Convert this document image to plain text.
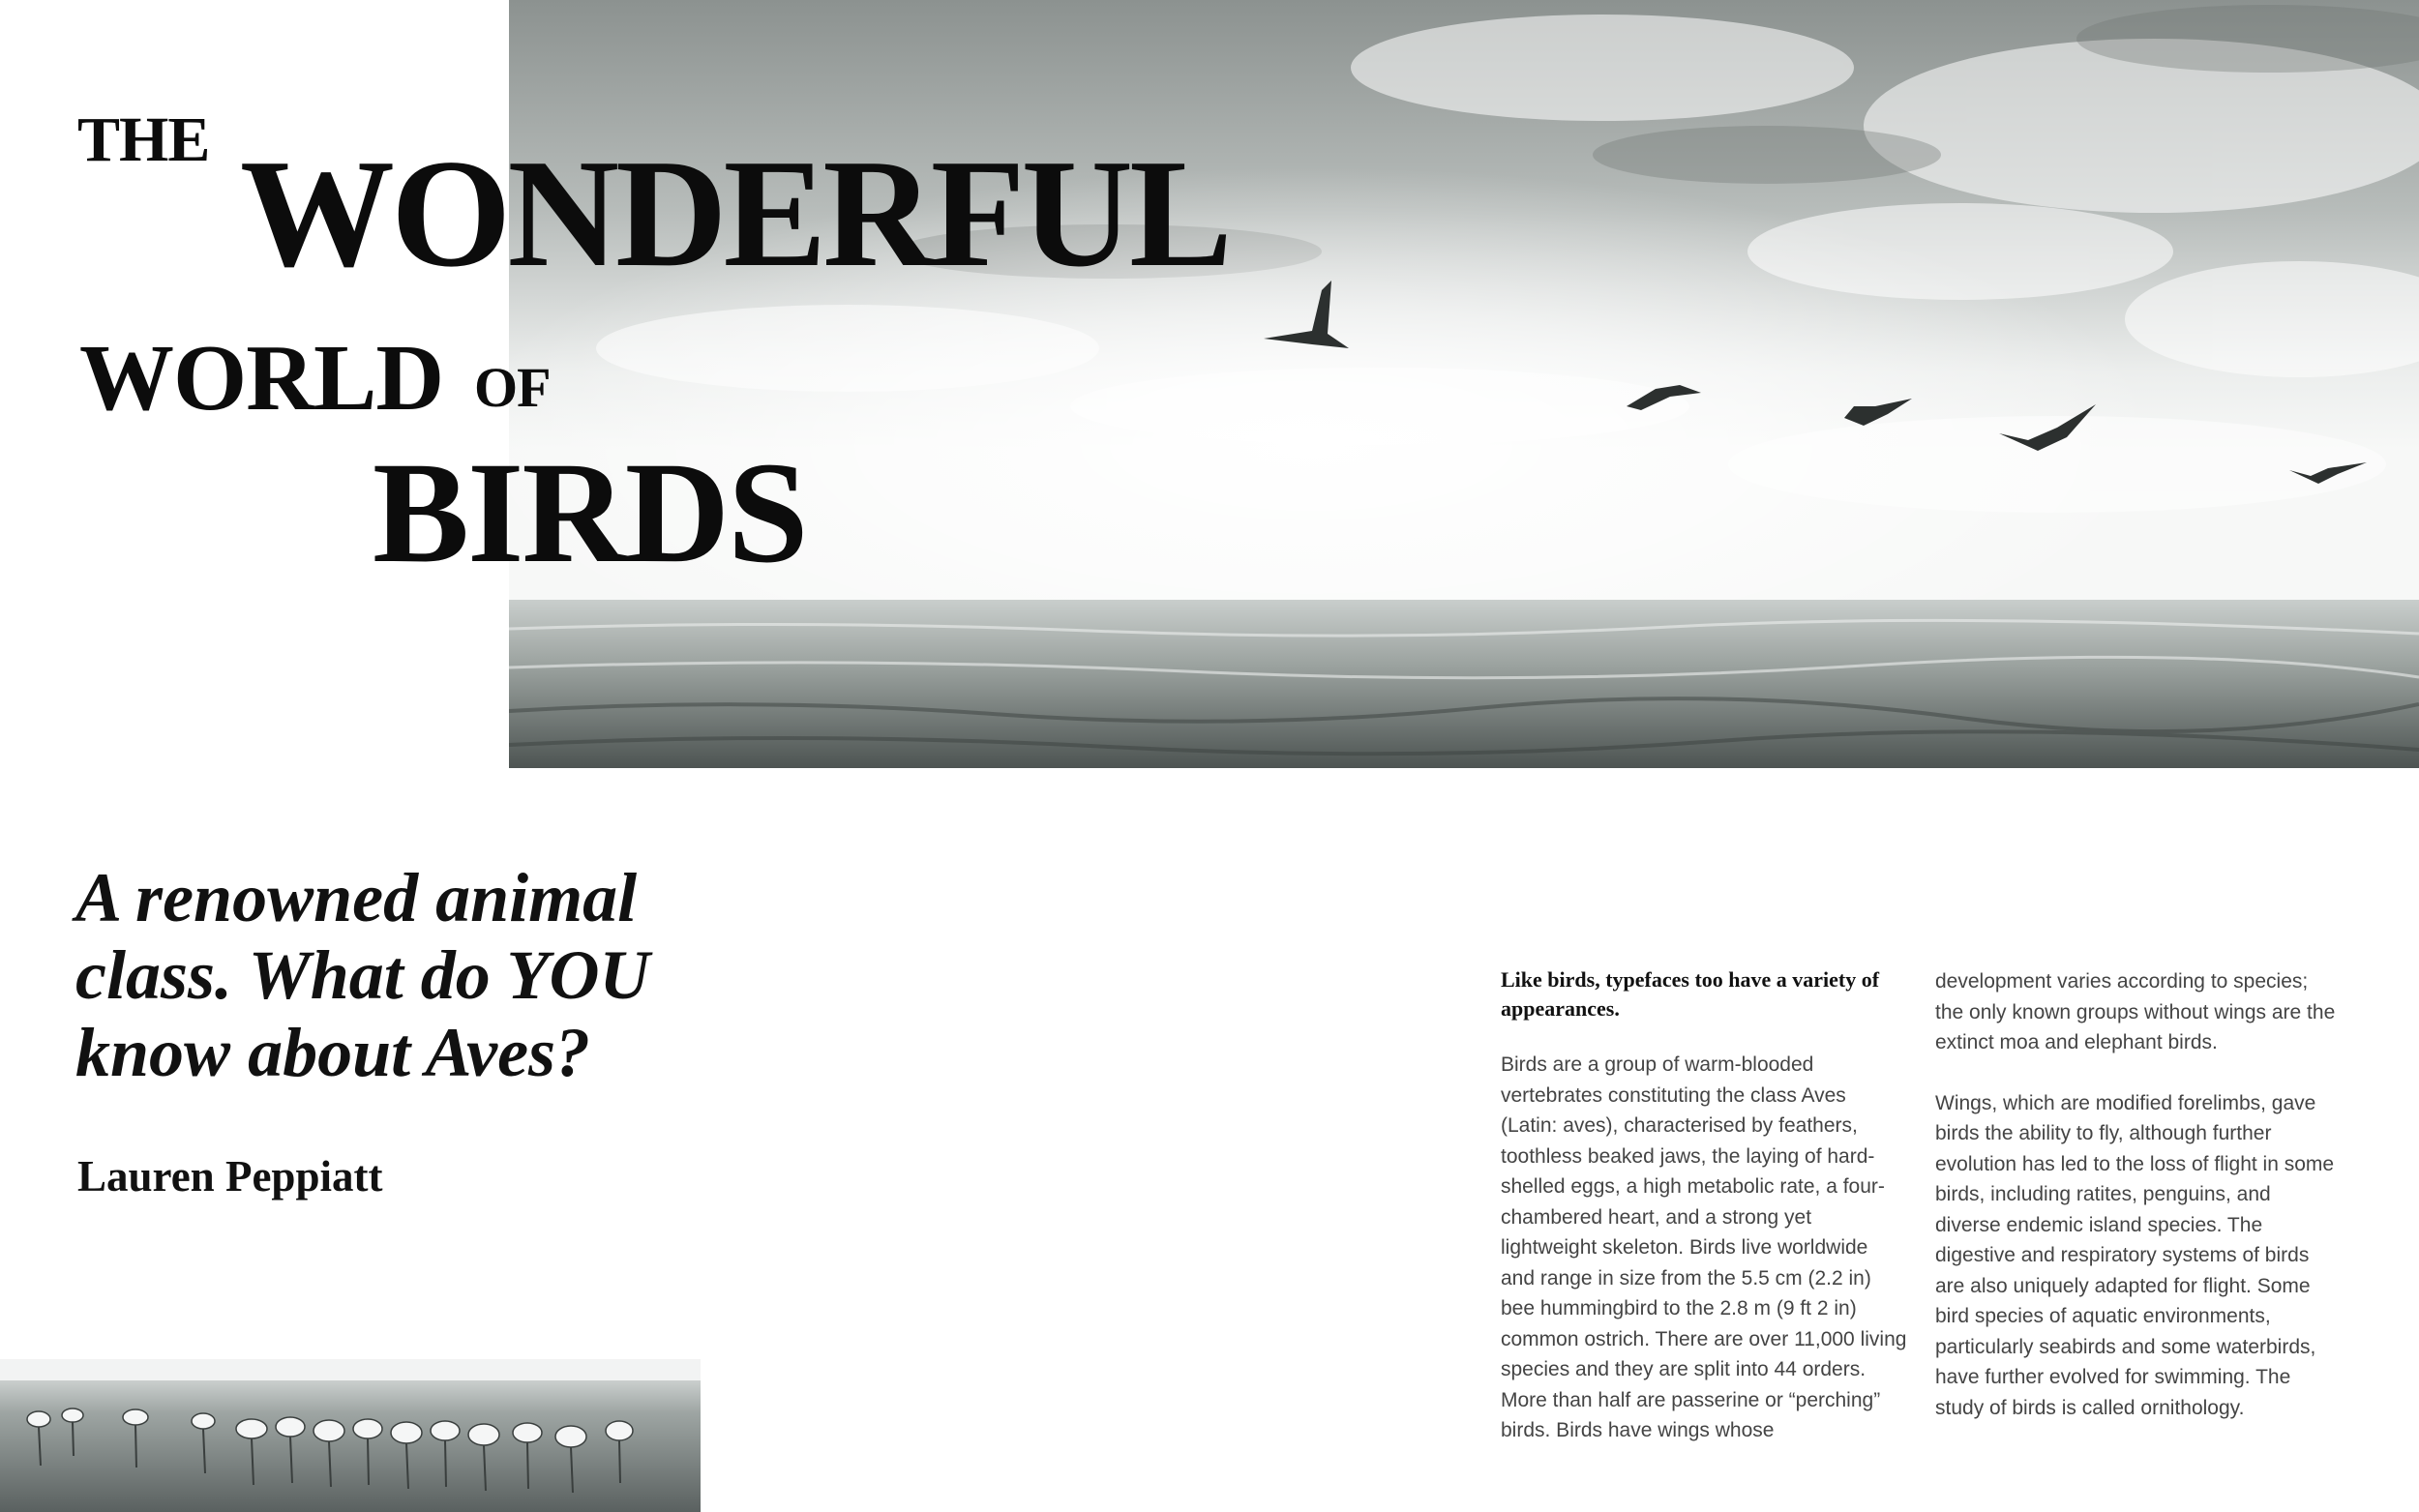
THE WONDERFUL
WORLD OF
BIRDS
A renowned animal class. What do YOU know about Aves?

Lauren Peppiatt

Like birds, typefaces too have a variety of appearances.

Birds are a group of warm-blooded vertebrates constituting the class Aves (Latin: aves), characterised by feathers, toothless beaked jaws, the laying of hard-shelled eggs, a high metabolic rate, a four-chambered heart, and a strong yet lightweight skeleton. Birds live worldwide and range in size from the 5.5 cm (2.2 in) bee hummingbird to the 2.8 m (9 ft 2 in) common ostrich. There are over 11,000 living species and they are split into 44 orders. More than half are passerine or “perching” birds. Birds have wings whose

development varies according to species; the only known groups without wings are the extinct moa and elephant birds.

Wings, which are modified forelimbs, gave birds the ability to fly, although further evolution has led to the loss of flight in some birds, including ratites, penguins, and diverse endemic island species. The digestive and respiratory systems of birds are also uniquely adapted for flight. Some bird species of aquatic environments, particularly seabirds and some waterbirds, have further evolved for swimming. The study of birds is called ornithology.
